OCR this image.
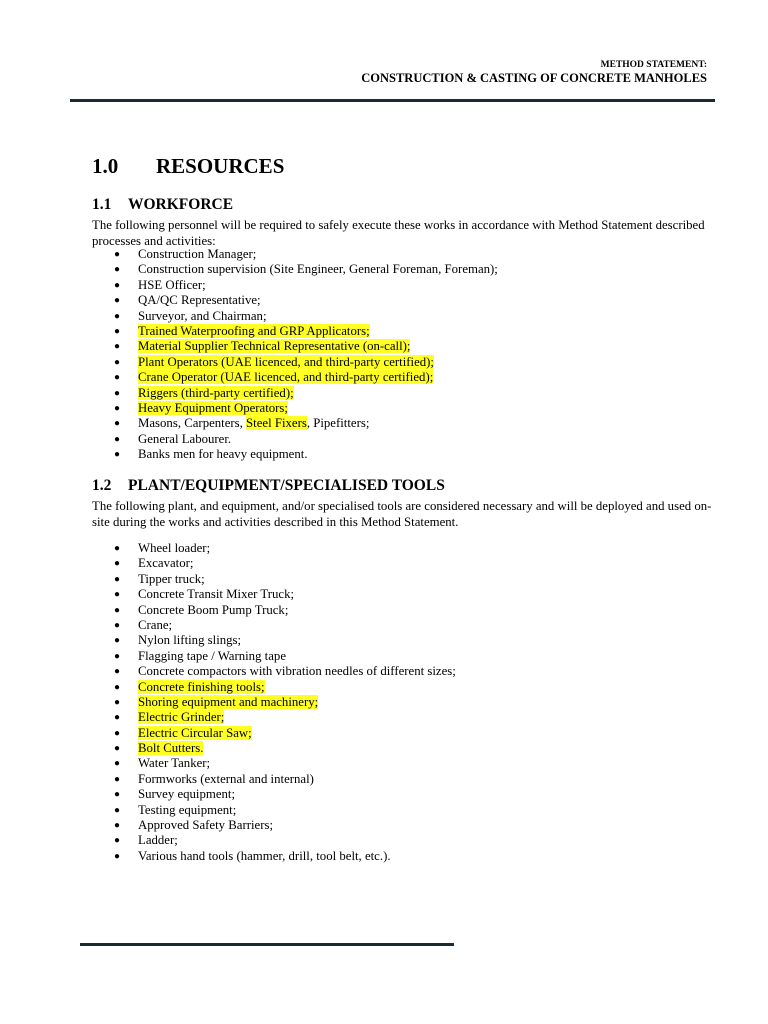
METHOD STATEMENT:
CONSTRUCTION & CASTING OF CONCRETE MANHOLES
1.0 RESOURCES
1.1 WORKFORCE

The following personnel will be required to safely execute these works in accordance with Method Statement described processes and activities:

● Construction Manager;
● Construction supervision (Site Engineer, General Foreman, Foreman);
● HSE Officer;
● QA/QC Representative;
● Surveyor, and Chairman;
● Trained Waterproofing and GRP Applicators;
● Material Supplier Technical Representative (on-call);
● Plant Operators (UAE licenced, and third-party certified);
● Crane Operator (UAE licenced, and third-party certified);
● Riggers (third-party certified);
● Heavy Equipment Operators;
● Masons, Carpenters, Steel Fixers, Pipefitters;
● General Labourer.
● Banks men for heavy equipment.
1.2 PLANT/EQUIPMENT/SPECIALISED TOOLS

The following plant, and equipment, and/or specialised tools are considered necessary and will be deployed and used on-site during the works and activities described in this Method Statement.

● Wheel loader;
● Excavator;
● Tipper truck;
● Concrete Transit Mixer Truck;
● Concrete Boom Pump Truck;
● Crane;
● Nylon lifting slings;
● Flagging tape / Warning tape
● Concrete compactors with vibration needles of different sizes;
● Concrete finishing tools;
● Shoring equipment and machinery;
● Electric Grinder;
● Electric Circular Saw;
● Bolt Cutters.
● Water Tanker;
● Formworks (external and internal)
● Survey equipment;
● Testing equipment;
● Approved Safety Barriers;
● Ladder;
● Various hand tools (hammer, drill, tool belt, etc.).
